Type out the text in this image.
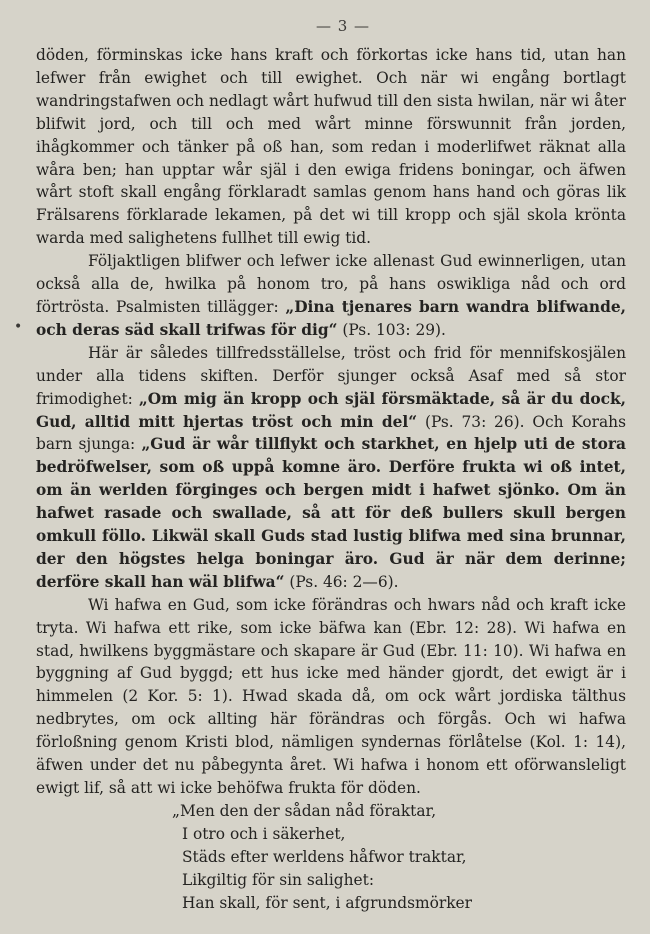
— 3 —
•

döden, förminskas icke hans kraft och förkortas icke hans tid, utan han lefwer från ewighet och till ewighet. Och när wi engång bortlagt wandringstafwen och nedlagt wårt hufwud till den sista hwilan, när wi åter blifwit jord, och till och med wårt minne förswunnit från jorden, ihågkommer och tänker på oß han, som redan i moderlifwet räknat alla wåra ben; han upptar wår själ i den ewiga fridens boningar, och äfwen wårt stoft skall engång förklaradt samlas genom hans hand och göras lik Frälsarens förklarade lekamen, på det wi till kropp och själ skola krönta warda med salighetens fullhet till ewig tid.

Följaktligen blifwer och lefwer icke allenast Gud ewinnerligen, utan också alla de, hwilka på honom tro, på hans oswikliga nåd och ord förtrösta. Psalmisten tillägger: „Dina tjenares barn wandra blifwande, och deras säd skall trifwas för dig“ (Ps. 103: 29).

Här är således tillfredsställelse, tröst och frid för mennifskosjälen under alla tidens skiften. Derför sjunger också Asaf med så stor frimodighet: „Om mig än kropp och själ försmäktade, så är du dock, Gud, alltid mitt hjertas tröst och min del“ (Ps. 73: 26). Och Korahs barn sjunga: „Gud är wår tillflykt och starkhet, en hjelp uti de stora bedröfwelser, som oß uppå komne äro. Derföre frukta wi oß intet, om än werlden förginges och bergen midt i hafwet sjönko. Om än hafwet rasade och swallade, så att för deß bullers skull bergen omkull föllo. Likwäl skall Guds stad lustig blifwa med sina brunnar, der den högstes helga boningar äro. Gud är när dem derinne; derföre skall han wäl blifwa“ (Ps. 46: 2—6).

Wi hafwa en Gud, som icke förändras och hwars nåd och kraft icke tryta. Wi hafwa ett rike, som icke bäfwa kan (Ebr. 12: 28). Wi hafwa en stad, hwilkens byggmästare och skapare är Gud (Ebr. 11: 10). Wi hafwa en byggning af Gud byggd; ett hus icke med händer gjordt, det ewigt är i himmelen (2 Kor. 5: 1). Hwad skada då, om ock wårt jordiska tälthus nedbrytes, om ock allting här förändras och förgås. Och wi hafwa förloßning genom Kristi blod, nämligen syndernas förlåtelse (Kol. 1: 14), äfwen under det nu påbegynta året. Wi hafwa i honom ett oförwansleligt ewigt lif, så att wi icke behöfwa frukta för döden.

„Men den der sådan nåd föraktar,
I otro och i säkerhet,
Städs efter werldens håfwor traktar,
Likgiltig för sin salighet:
Han skall, för sent, i afgrundsmörker
